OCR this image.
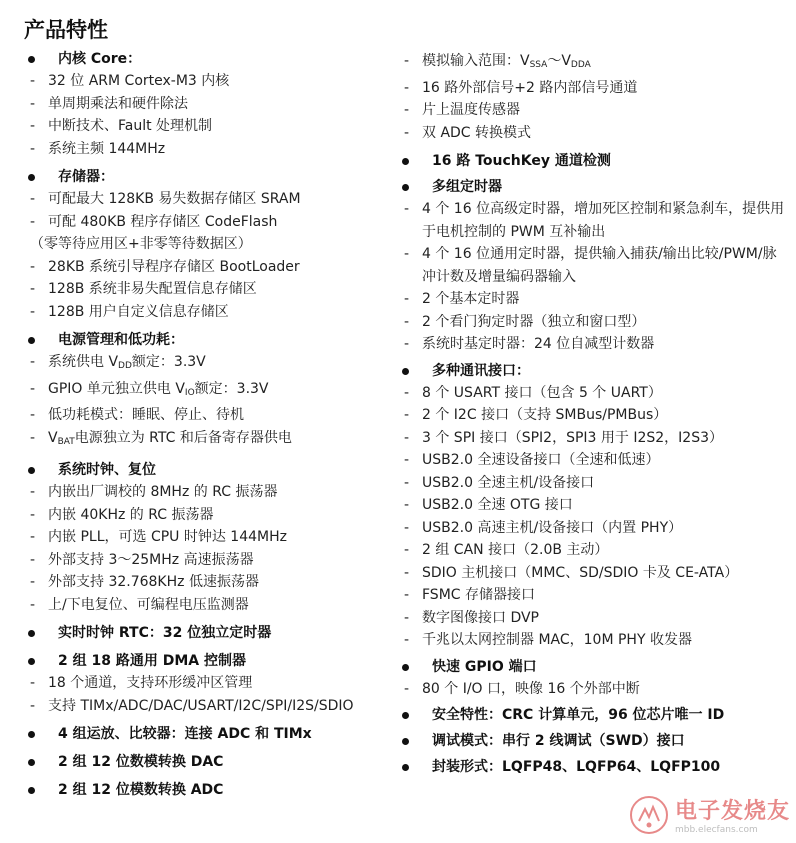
产品特性
内核 Core：
- 32 位 ARM Cortex-M3 内核
- 单周期乘法和硬件除法
- 中断技术、Fault 处理机制
- 系统主频 144MHz
存储器：
- 可配最大 128KB 易失数据存储区 SRAM
- 可配 480KB 程序存储区 CodeFlash
（零等待应用区+非零等待数据区）
- 28KB 系统引导程序存储区 BootLoader
- 128B 系统非易失配置信息存储区
- 128B 用户自定义信息存储区
电源管理和低功耗：
- 系统供电 $V_{DD}$额定：3.3V
- GPIO 单元独立供电 $V_{IO}$额定：3.3V
- 低功耗模式：睡眠、停止、待机
- $V_{BAT}$电源独立为 RTC 和后备寄存器供电
系统时钟、复位
- 内嵌出厂调校的 8MHz 的 RC 振荡器
- 内嵌 40KHz 的 RC 振荡器
- 内嵌 PLL，可选 CPU 时钟达 144MHz
- 外部支持 3～25MHz 高速振荡器
- 外部支持 32.768KHz 低速振荡器
- 上/下电复位、可编程电压监测器
实时时钟 RTC：32 位独立定时器
2 组 18 路通用 DMA 控制器
- 18 个通道，支持环形缓冲区管理
- 支持 TIMx/ADC/DAC/USART/I2C/SPI/I2S/SDIO
4 组运放、比较器：连接 ADC 和 TIMx
2 组 12 位数模转换 DAC
2 组 12 位模数转换 ADC
- 模拟输入范围：$V_{SSA}\sim V_{DDA}$
- 16 路外部信号+2 路内部信号通道
- 片上温度传感器
- 双 ADC 转换模式
16 路 TouchKey 通道检测
多组定时器
- 4 个 16 位高级定时器，增加死区控制和紧急刹车，提供用于电机控制的 PWM 互补输出
- 4 个 16 位通用定时器，提供输入捕获/输出比较/PWM/脉冲计数及增量编码器输入
- 2 个基本定时器
- 2 个看门狗定时器（独立和窗口型）
- 系统时基定时器：24 位自减型计数器
多种通讯接口：
- 8 个 USART 接口（包含 5 个 UART）
- 2 个 I2C 接口（支持 SMBus/PMBus）
- 3 个 SPI 接口（SPI2，SPI3 用于 I2S2，I2S3）
- USB2.0 全速设备接口（全速和低速）
- USB2.0 全速主机/设备接口
- USB2.0 全速 OTG 接口
- USB2.0 高速主机/设备接口（内置 PHY）
- 2 组 CAN 接口（2.0B 主动）
- SDIO 主机接口（MMC、SD/SDIO 卡及 CE-ATA）
- FSMC 存储器接口
- 数字图像接口 DVP
- 千兆以太网控制器 MAC，10M PHY 收发器
快速 GPIO 端口
- 80 个 I/O 口，映像 16 个外部中断
安全特性：CRC 计算单元，96 位芯片唯一 ID
调试模式：串行 2 线调试（SWD）接口
封装形式：LQFP48、LQFP64、LQFP100
电子发烧友
mbb.elecfans.com
